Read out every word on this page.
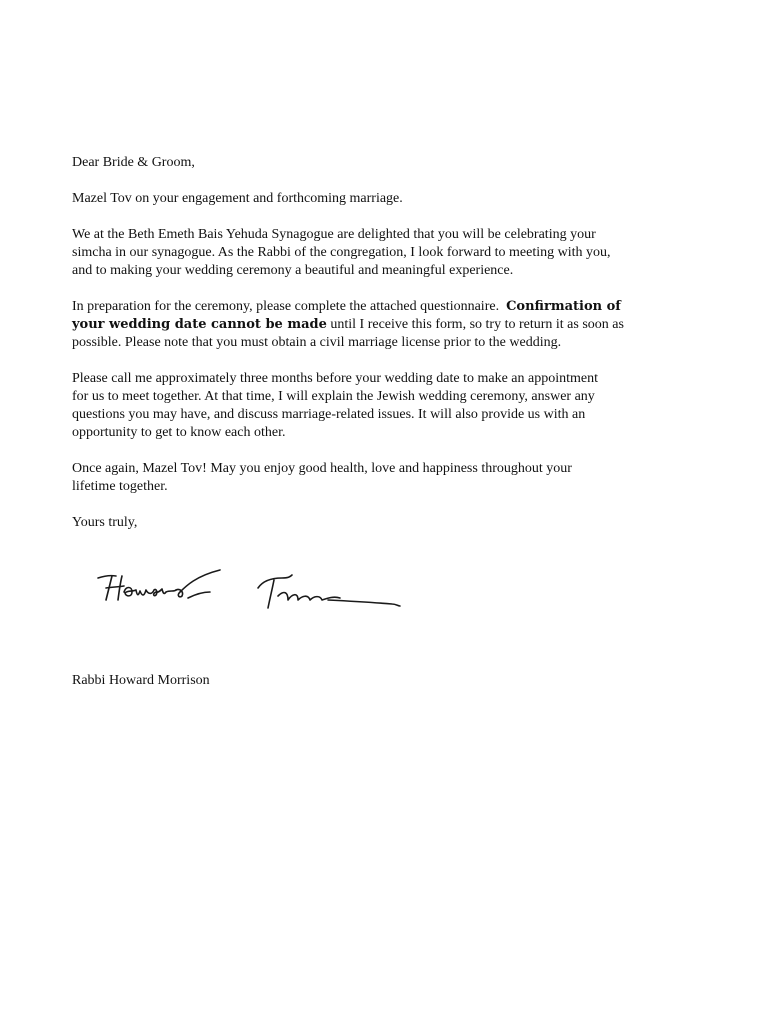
Dear Bride & Groom,

Mazel Tov on your engagement and forthcoming marriage.

We at the Beth Emeth Bais Yehuda Synagogue are delighted that you will be celebrating your
simcha in our synagogue. As the Rabbi of the congregation, I look forward to meeting with you,
and to making your wedding ceremony a beautiful and meaningful experience.

In preparation for the ceremony, please complete the attached questionnaire.  Confirmation of
your wedding date cannot be made until I receive this form, so try to return it as soon as
possible. Please note that you must obtain a civil marriage license prior to the wedding.

Please call me approximately three months before your wedding date to make an appointment
for us to meet together. At that time, I will explain the Jewish wedding ceremony, answer any
questions you may have, and discuss marriage-related issues. It will also provide us with an
opportunity to get to know each other.

Once again, Mazel Tov! May you enjoy good health, love and happiness throughout your
lifetime together.

Yours truly,

Rabbi Howard Morrison
